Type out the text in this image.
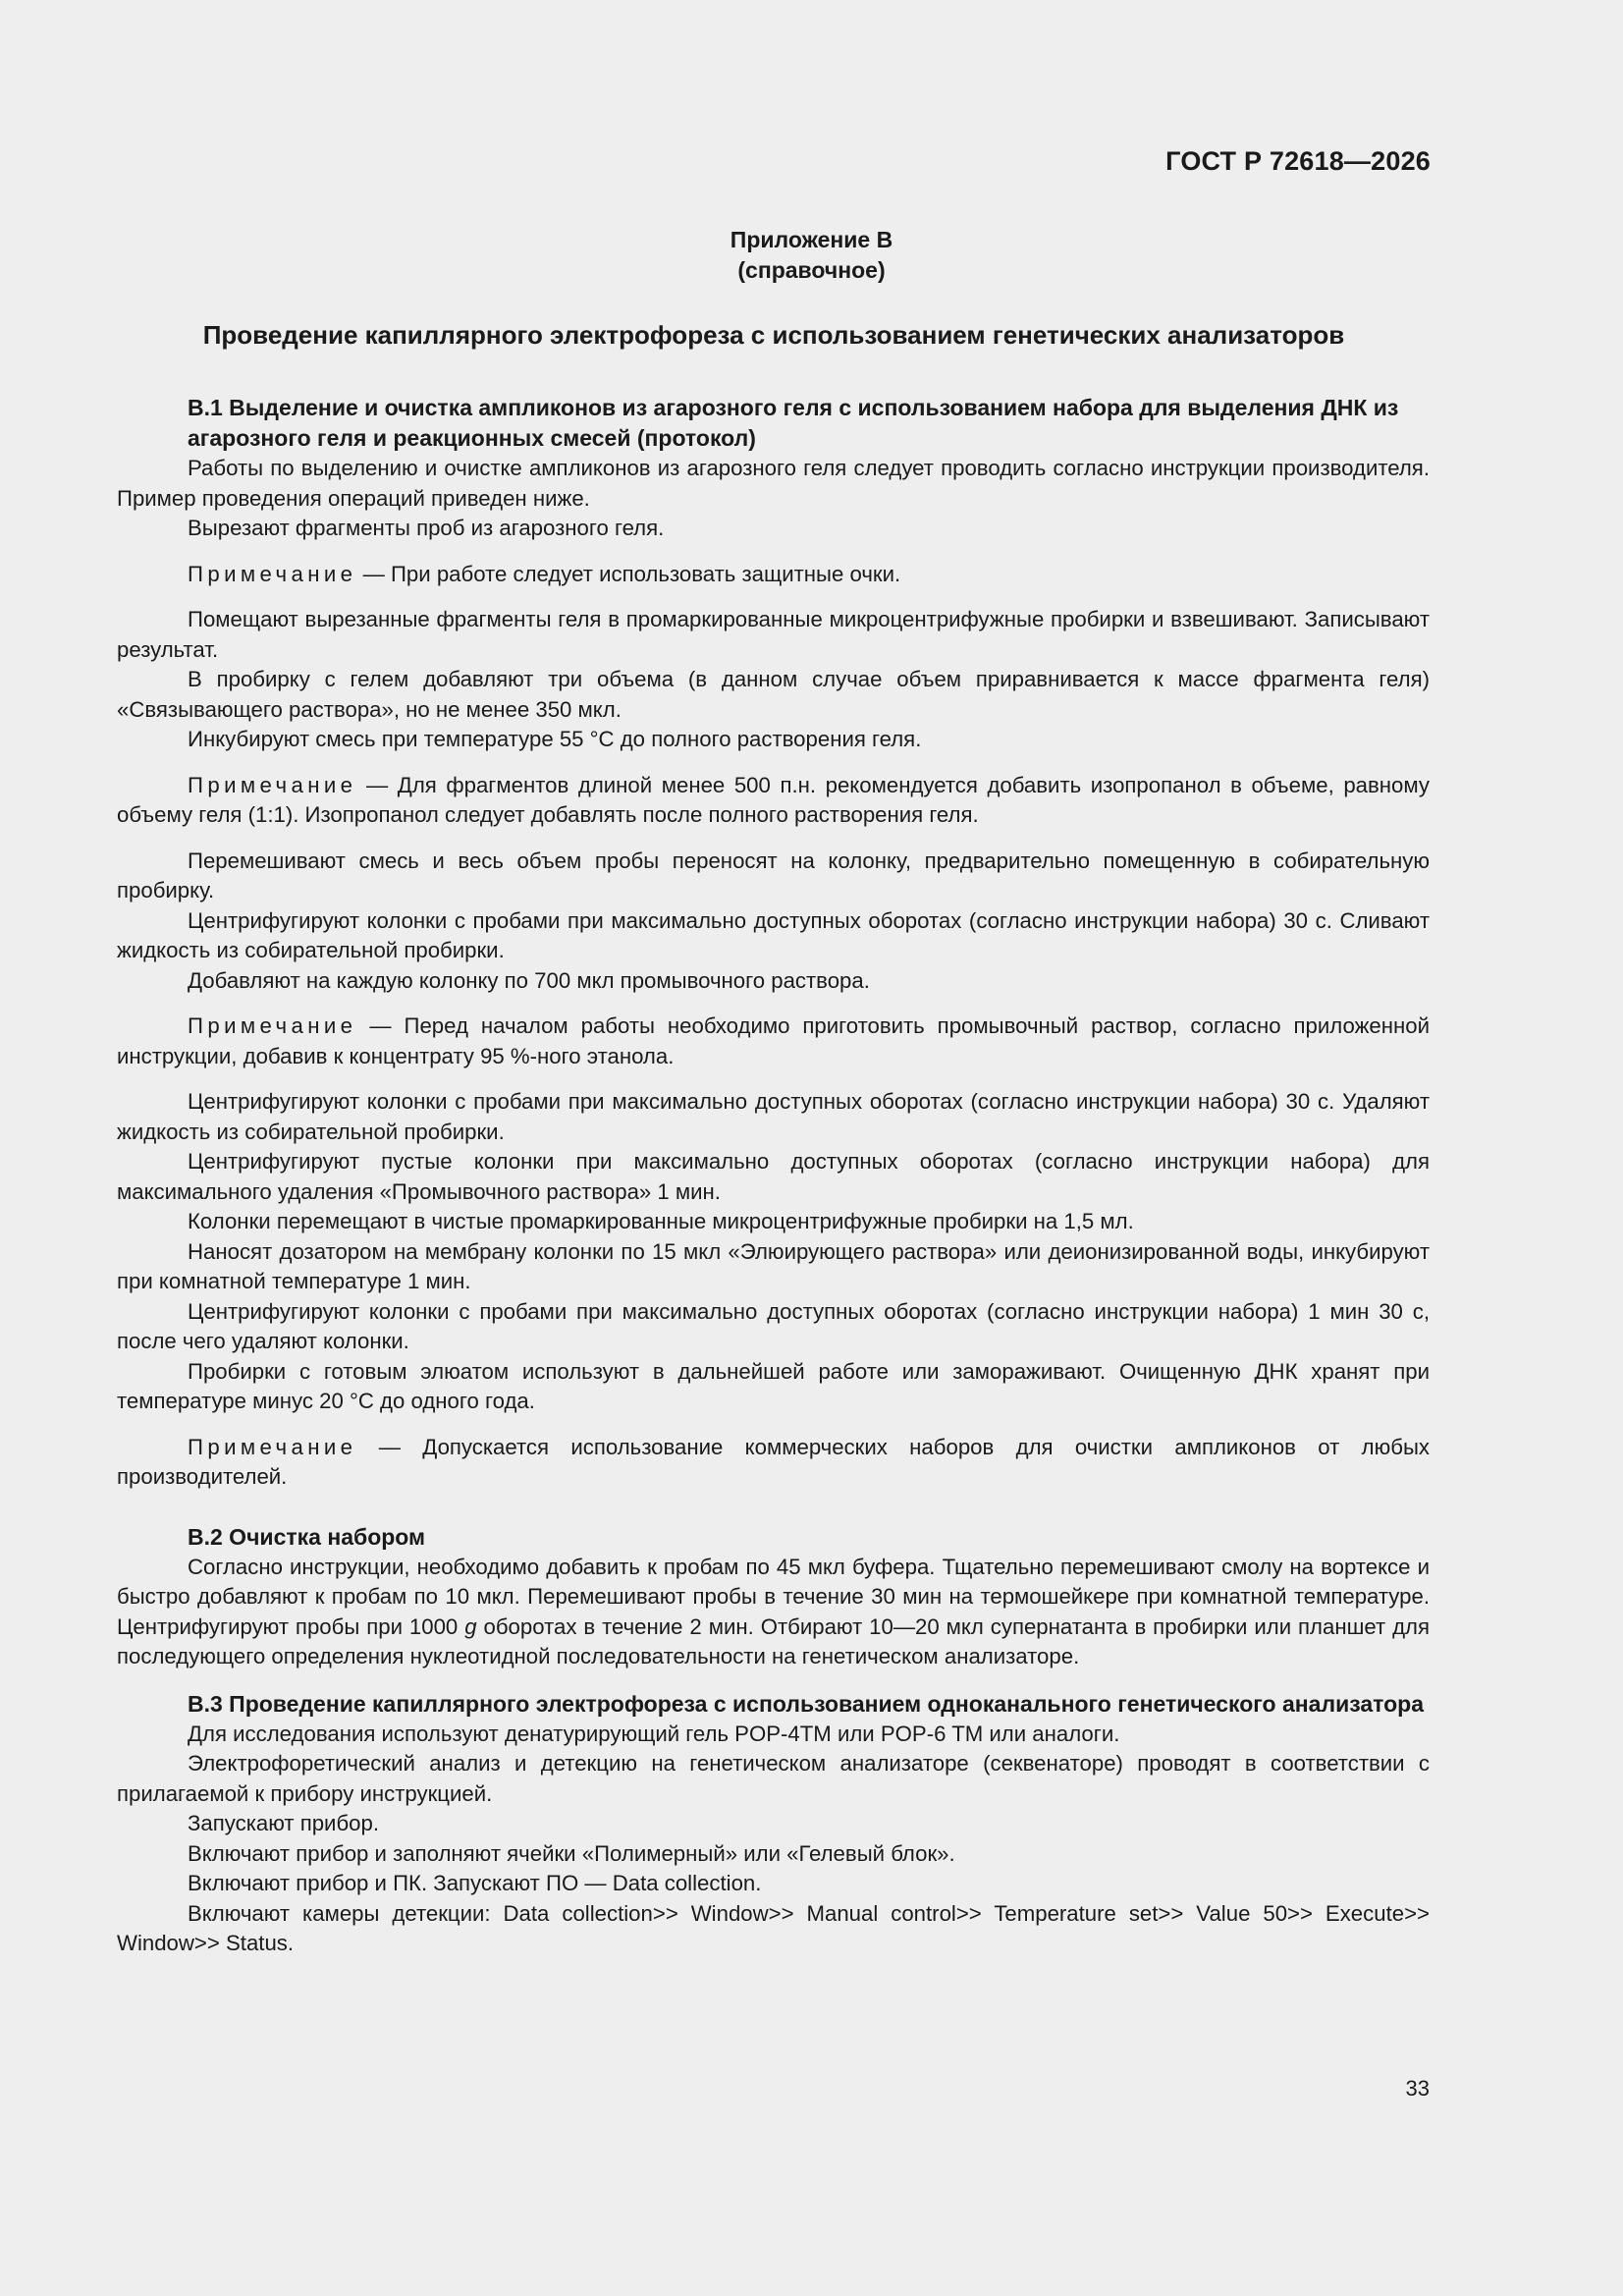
ГОСТ Р 72618—2026
Приложение В
(справочное)
Проведение капиллярного электрофореза с использованием генетических анализаторов

В.1 Выделение и очистка ампликонов из агарозного геля с использованием набора для выделения ДНК из агарозного геля и реакционных смесей (протокол)

Работы по выделению и очистке ампликонов из агарозного геля следует проводить согласно инструкции производителя. Пример проведения операций приведен ниже.

Вырезают фрагменты проб из агарозного геля.

Примечание — При работе следует использовать защитные очки.

Помещают вырезанные фрагменты геля в промаркированные микроцентрифужные пробирки и взвешивают. Записывают результат.

В пробирку с гелем добавляют три объема (в данном случае объем приравнивается к массе фрагмента геля) «Связывающего раствора», но не менее 350 мкл.

Инкубируют смесь при температуре 55 °С до полного растворения геля.

Примечание — Для фрагментов длиной менее 500 п.н. рекомендуется добавить изопропанол в объеме, равному объему геля (1:1). Изопропанол следует добавлять после полного растворения геля.

Перемешивают смесь и весь объем пробы переносят на колонку, предварительно помещенную в собирательную пробирку.

Центрифугируют колонки с пробами при максимально доступных оборотах (согласно инструкции набора) 30 с. Сливают жидкость из собирательной пробирки.

Добавляют на каждую колонку по 700 мкл промывочного раствора.

Примечание — Перед началом работы необходимо приготовить промывочный раствор, согласно приложенной инструкции, добавив к концентрату 95 %-ного этанола.

Центрифугируют колонки с пробами при максимально доступных оборотах (согласно инструкции набора) 30 с. Удаляют жидкость из собирательной пробирки.

Центрифугируют пустые колонки при максимально доступных оборотах (согласно инструкции набора) для максимального удаления «Промывочного раствора» 1 мин.

Колонки перемещают в чистые промаркированные микроцентрифужные пробирки на 1,5 мл.

Наносят дозатором на мембрану колонки по 15 мкл «Элюирующего раствора» или деионизированной воды, инкубируют при комнатной температуре 1 мин.

Центрифугируют колонки с пробами при максимально доступных оборотах (согласно инструкции набора) 1 мин 30 с, после чего удаляют колонки.

Пробирки с готовым элюатом используют в дальнейшей работе или замораживают. Очищенную ДНК хранят при температуре минус 20 °С до одного года.

Примечание — Допускается использование коммерческих наборов для очистки ампликонов от любых производителей.

В.2 Очистка набором

Согласно инструкции, необходимо добавить к пробам по 45 мкл буфера. Тщательно перемешивают смолу на вортексе и быстро добавляют к пробам по 10 мкл. Перемешивают пробы в течение 30 мин на термошейкере при комнатной температуре. Центрифугируют пробы при 1000 g оборотах в течение 2 мин. Отбирают 10—20 мкл супернатанта в пробирки или планшет для последующего определения нуклеотидной последовательности на генетическом анализаторе.

В.3 Проведение капиллярного электрофореза с использованием одноканального генетического анализатора

Для исследования используют денатурирующий гель POP-4TM или POP-6 TM или аналоги.

Электрофоретический анализ и детекцию на генетическом анализаторе (секвенаторе) проводят в соответствии с прилагаемой к прибору инструкцией.

Запускают прибор.

Включают прибор и заполняют ячейки «Полимерный» или «Гелевый блок».

Включают прибор и ПК. Запускают ПО — Data collection.

Включают камеры детекции: Data collection>> Window>> Manual control>> Temperature set>> Value 50>> Execute>> Window>> Status.

33
